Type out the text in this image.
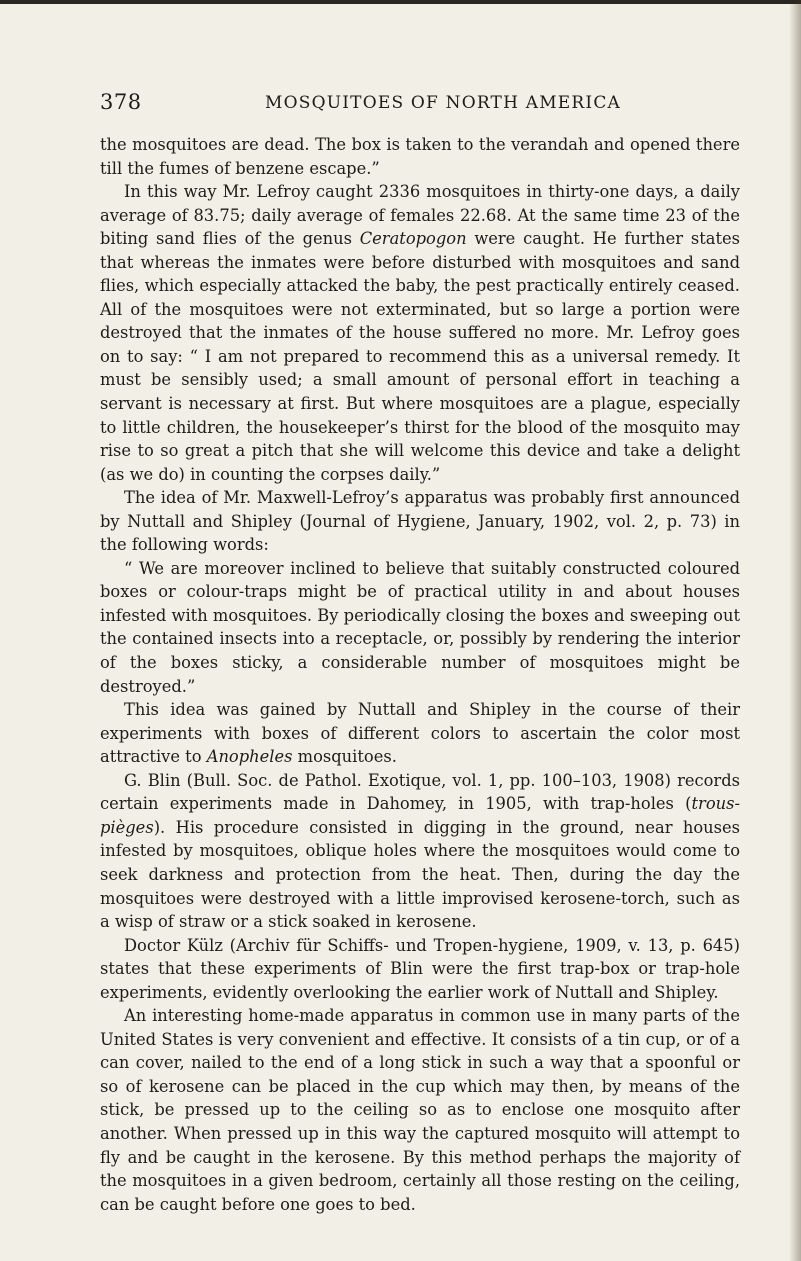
378	MOSQUITOES OF NORTH AMERICA

the mosquitoes are dead. The box is taken to the verandah and opened there till the fumes of benzene escape.”

In this way Mr. Lefroy caught 2336 mosquitoes in thirty-one days, a daily average of 83.75; daily average of females 22.68. At the same time 23 of the biting sand flies of the genus Ceratopogon were caught. He further states that whereas the inmates were before disturbed with mosquitoes and sand flies, which especially attacked the baby, the pest practically entirely ceased. All of the mosquitoes were not exterminated, but so large a portion were destroyed that the inmates of the house suffered no more. Mr. Lefroy goes on to say: “ I am not prepared to recommend this as a universal remedy. It must be sensibly used; a small amount of personal effort in teaching a servant is necessary at first. But where mosquitoes are a plague, especially to little children, the housekeeper’s thirst for the blood of the mosquito may rise to so great a pitch that she will welcome this device and take a delight (as we do) in counting the corpses daily.”

The idea of Mr. Maxwell-Lefroy’s apparatus was probably first announced by Nuttall and Shipley (Journal of Hygiene, January, 1902, vol. 2, p. 73) in the following words:

“ We are moreover inclined to believe that suitably constructed coloured boxes or colour-traps might be of practical utility in and about houses infested with mosquitoes. By periodically closing the boxes and sweeping out the contained insects into a receptacle, or, possibly by rendering the interior of the boxes sticky, a considerable number of mosquitoes might be destroyed.”

This idea was gained by Nuttall and Shipley in the course of their experiments with boxes of different colors to ascertain the color most attractive to Anopheles mosquitoes.

G. Blin (Bull. Soc. de Pathol. Exotique, vol. 1, pp. 100–103, 1908) records certain experiments made in Dahomey, in 1905, with trap-holes (trous-pièges). His procedure consisted in digging in the ground, near houses infested by mosquitoes, oblique holes where the mosquitoes would come to seek darkness and protection from the heat. Then, during the day the mosquitoes were destroyed with a little improvised kerosene-torch, such as a wisp of straw or a stick soaked in kerosene.

Doctor Külz (Archiv für Schiffs- und Tropen-hygiene, 1909, v. 13, p. 645) states that these experiments of Blin were the first trap-box or trap-hole experiments, evidently overlooking the earlier work of Nuttall and Shipley.

An interesting home-made apparatus in common use in many parts of the United States is very convenient and effective. It consists of a tin cup, or of a can cover, nailed to the end of a long stick in such a way that a spoonful or so of kerosene can be placed in the cup which may then, by means of the stick, be pressed up to the ceiling so as to enclose one mosquito after another. When pressed up in this way the captured mosquito will attempt to fly and be caught in the kerosene. By this method perhaps the majority of the mosquitoes in a given bedroom, certainly all those resting on the ceiling, can be caught before one goes to bed.
